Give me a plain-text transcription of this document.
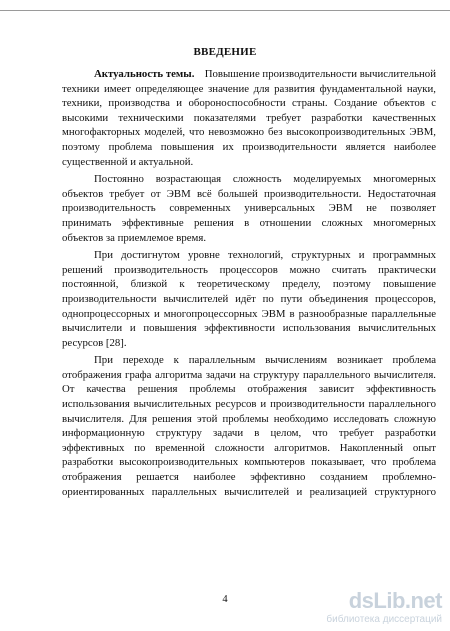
ВВЕДЕНИЕ
Актуальность темы. Повышение производительности вычислительной
техники имеет определяющее значение для развития фундаментальной науки,
техники, производства и обороноспособности страны. Создание объектов с
высокими техническими показателями требует разработки качественных
многофакторных моделей, что невозможно без высокопроизводительных ЭВМ,
поэтому проблема повышения их производительности является наиболее
существенной и актуальной.
Постоянно возрастающая сложность моделируемых многомерных
объектов требует от ЭВМ всё большей производительности. Недостаточная
производительность современных универсальных ЭВМ не позволяет
принимать эффективные решения в отношении сложных многомерных
объектов за приемлемое время.
При достигнутом уровне технологий, структурных и программных
решений производительность процессоров можно считать практически
постоянной, близкой к теоретическому пределу, поэтому повышение
производительности вычислителей идёт по пути объединения процессоров,
однопроцессорных и многопроцессорных ЭВМ в разнообразные параллельные
вычислители и повышения эффективности использования вычислительных
ресурсов [28].
При переходе к параллельным вычислениям возникает проблема
отображения графа алгоритма задачи на структуру параллельного вычислителя.
От качества решения проблемы отображения зависит эффективность
использования вычислительных ресурсов и производительности параллельного
вычислителя. Для решения этой проблемы необходимо исследовать сложную
информационную структуру задачи в целом, что требует разработки
эффективных по временной сложности алгоритмов. Накопленный опыт
разработки высокопроизводительных компьютеров показывает, что проблема
отображения решается наиболее эффективно созданием проблемно-
ориентированных параллельных вычислителей и реализацией структурного
4	dsLib.net
библиотека диссертаций
